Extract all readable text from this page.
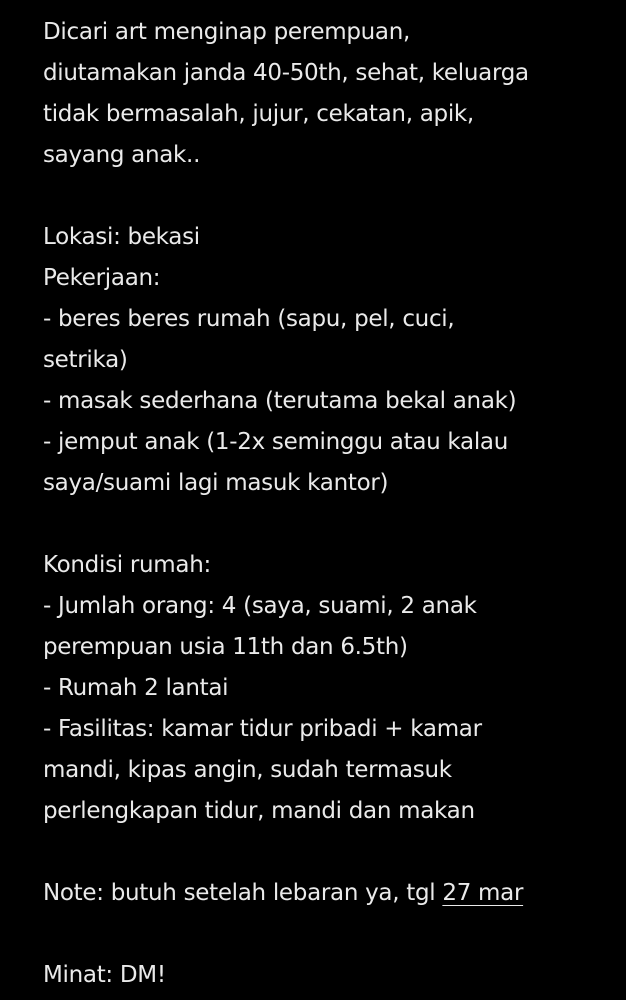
Dicari art menginap perempuan,
diutamakan janda 40-50th, sehat, keluarga
tidak bermasalah, jujur, cekatan, apik,
sayang anak..
Lokasi: bekasi
Pekerjaan:
- beres beres rumah (sapu, pel, cuci,
setrika)
- masak sederhana (terutama bekal anak)
- jemput anak (1-2x seminggu atau kalau
saya/suami lagi masuk kantor)
Kondisi rumah:
- Jumlah orang: 4 (saya, suami, 2 anak
perempuan usia 11th dan 6.5th)
- Rumah 2 lantai
- Fasilitas: kamar tidur pribadi + kamar
mandi, kipas angin, sudah termasuk
perlengkapan tidur, mandi dan makan
Note: butuh setelah lebaran ya, tgl 27 mar
Minat: DM!
